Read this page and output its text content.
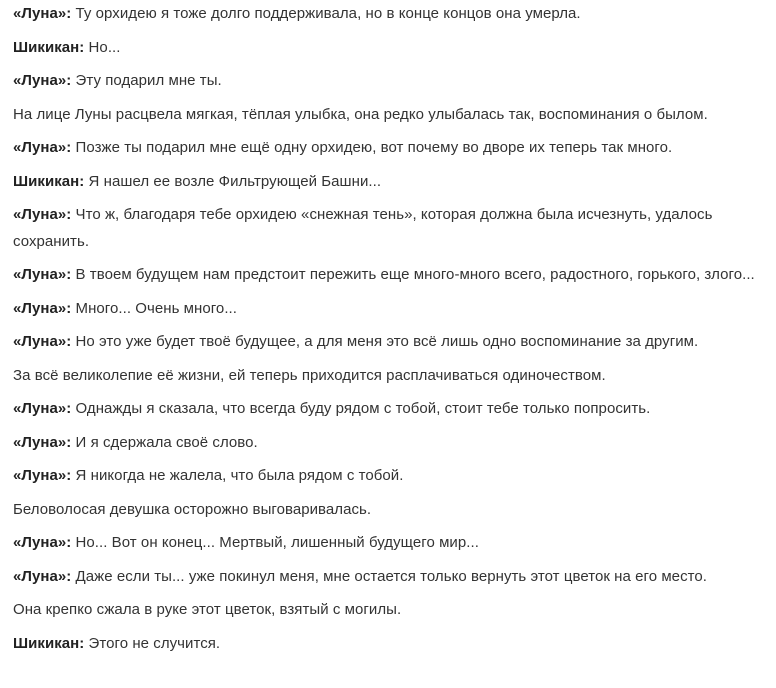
«Луна»: Ту орхидею я тоже долго поддерживала, но в конце концов она умерла.

Шикикан: Но...

«Луна»: Эту подарил мне ты.

На лице Луны расцвела мягкая, тёплая улыбка, она редко улыбалась так, воспоминания о былом.

«Луна»: Позже ты подарил мне ещё одну орхидею, вот почему во дворе их теперь так много.

Шикикан: Я нашел ее возле Фильтрующей Башни...

«Луна»: Что ж, благодаря тебе орхидею «снежная тень», которая должна была исчезнуть, удалось сохранить.

«Луна»: В твоем будущем нам предстоит пережить еще много-много всего, радостного, горького, злого...

«Луна»: Много... Очень много...

«Луна»: Но это уже будет твоё будущее, а для меня это всё лишь одно воспоминание за другим.

За всё великолепие её жизни, ей теперь приходится расплачиваться одиночеством.

«Луна»: Однажды я сказала, что всегда буду рядом с тобой, стоит тебе только попросить.

«Луна»: И я сдержала своё слово.

«Луна»: Я никогда не жалела, что была рядом с тобой.

Беловолосая девушка осторожно выговаривалась.

«Луна»: Но... Вот он конец... Мертвый, лишенный будущего мир...

«Луна»: Даже если ты... уже покинул меня, мне остается только вернуть этот цветок на его место.

Она крепко сжала в руке этот цветок, взятый с могилы.

Шикикан: Этого не случится.
